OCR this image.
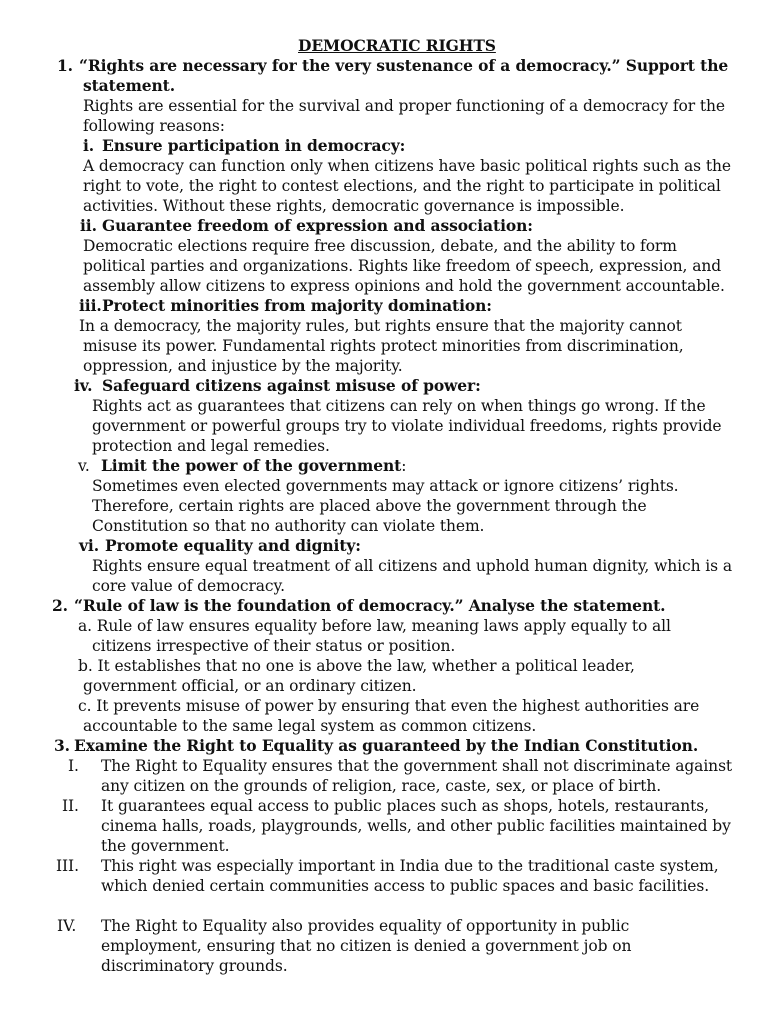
DEMOCRATIC RIGHTS
1. “Rights are necessary for the very sustenance of a democracy.” Support the
statement.
Rights are essential for the survival and proper functioning of a democracy for the
following reasons:
i. Ensure participation in democracy:
A democracy can function only when citizens have basic political rights such as the
right to vote, the right to contest elections, and the right to participate in political
activities. Without these rights, democratic governance is impossible.
ii. Guarantee freedom of expression and association:
Democratic elections require free discussion, debate, and the ability to form
political parties and organizations. Rights like freedom of speech, expression, and
assembly allow citizens to express opinions and hold the government accountable.
iii. Protect minorities from majority domination:
In a democracy, the majority rules, but rights ensure that the majority cannot
misuse its power. Fundamental rights protect minorities from discrimination,
oppression, and injustice by the majority.
iv. Safeguard citizens against misuse of power:
Rights act as guarantees that citizens can rely on when things go wrong. If the
government or powerful groups try to violate individual freedoms, rights provide
protection and legal remedies.
v. Limit the power of the government:
Sometimes even elected governments may attack or ignore citizens’ rights.
Therefore, certain rights are placed above the government through the
Constitution so that no authority can violate them.
vi. Promote equality and dignity:
Rights ensure equal treatment of all citizens and uphold human dignity, which is a
core value of democracy.
2. “Rule of law is the foundation of democracy.” Analyse the statement.
a. Rule of law ensures equality before law, meaning laws apply equally to all
citizens irrespective of their status or position.
b. It establishes that no one is above the law, whether a political leader,
government official, or an ordinary citizen.
c. It prevents misuse of power by ensuring that even the highest authorities are
accountable to the same legal system as common citizens.
3. Examine the Right to Equality as guaranteed by the Indian Constitution.
I. The Right to Equality ensures that the government shall not discriminate against
any citizen on the grounds of religion, race, caste, sex, or place of birth.
II. It guarantees equal access to public places such as shops, hotels, restaurants,
cinema halls, roads, playgrounds, wells, and other public facilities maintained by
the government.
III. This right was especially important in India due to the traditional caste system,
which denied certain communities access to public spaces and basic facilities.
IV. The Right to Equality also provides equality of opportunity in public
employment, ensuring that no citizen is denied a government job on
discriminatory grounds.
